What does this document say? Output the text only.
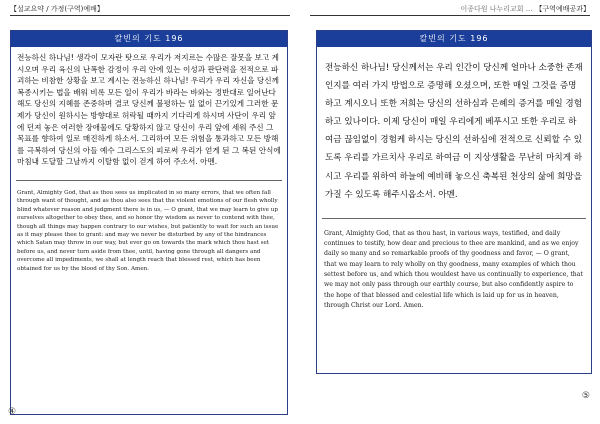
【설교요약 / 가정(구역)예배】
칼빈의 기도 196
전능하신 하나님! 생각이 모자란 탓으로 우리가 저지르는 수많은 잘못을 보고 계시오며 우리 육신의 난폭한 감정이 우리 안에 있는 이성과 판단력을 전적으로 파괴하는 비참한 상황을 보고 계시는 전능하신 하나님! 우리가 우리 자신을 당신께 복종시키는 법을 배워 비록 모든 일이 우리가 바라는 바와는 정반대로 일어난다 해도 당신의 지혜를 존중하며 결코 당신께 불평하는 일 없이 끈기있게 그러한 문제가 당신이 원하시는 방향대로 허락될 때까지 기다리게 하시며 사단이 우리 앞에 던져 놓은 여러한 장애물에도 당황하지 않고 당신이 우리 앞에 세워 주신 그 목표를 향하여 일로 매진하게 하소서. 그리하여 모든 위험을 통과하고 모든 방해를 극복하여 당신의 아들 예수 그리스도의 피로써 우리가 얻게 된 그 복된 안식에 마침내 도달할 그날까지 이탈함 없이 걷게 하여 주소서. 아멘.
Grant, Almighty God, that as thou sees us implicated in so many errors, that we often fall through want of thought, and as thou also sees that the violent emotions of our flesh wholly blind whatever reason and judgment there is in us, — O grant, that we may learn to give up ourselves altogether to obey thee, and so honor thy wisdom as never to contend with thee, though all things may happen contrary to our wishes, but patiently to wait for such an issue as it may please thee to grant: and may we never be disturbed by any of the hindrances which Satan may throw in our way, but ever go on towards the mark which thou hast set before us, and never turn aside from thee, until, having gone through all dangers and overcome all impediments, we shall at length reach that blessed rest, which has been obtained for us by the blood of thy Son. Amen.
④
이종다원 나누리교회 ... 【구역예배공과】
칼빈의 기도 196
전능하신 하나님! 당신께서는 우리 인간이 당신께 얼마나 소중한 존재인지를 여러 가지 방법으로 증명해 오셨으며, 또한 매일 그것을 증명하고 계시오니 또한 저희는 당신의 선하심과 은혜의 증거를 매일 경험하고 있나이다. 이제 당신이 매일 우리에게 베푸시고 또한 우리로 하여금 끊임없이 경험케 하시는 당신의 선하심에 전적으로 신뢰할 수 있도록 우리를 가르치사 우리로 하여금 이 지상생활을 무난히 마치게 하시고 우리를 위하여 하늘에 예비해 놓으신 축복된 천상의 삶에 희망을 가질 수 있도록 해주시옵소서. 아멘.
Grant, Almighty God, that as thou hast, in various ways, testified, and daily continues to testify, how dear and precious to thee are mankind, and as we enjoy daily so many and so remarkable proofs of thy goodness and favor, — O grant, that we may learn to rely wholly on thy goodness, many examples of which thou settest before us, and which thou wouldest have us continually to experience, that we may not only pass through our earthly course, but also confidently aspire to the hope of that blessed and celestial life which is laid up for us in heaven, through Christ our Lord. Amen.
⑤
